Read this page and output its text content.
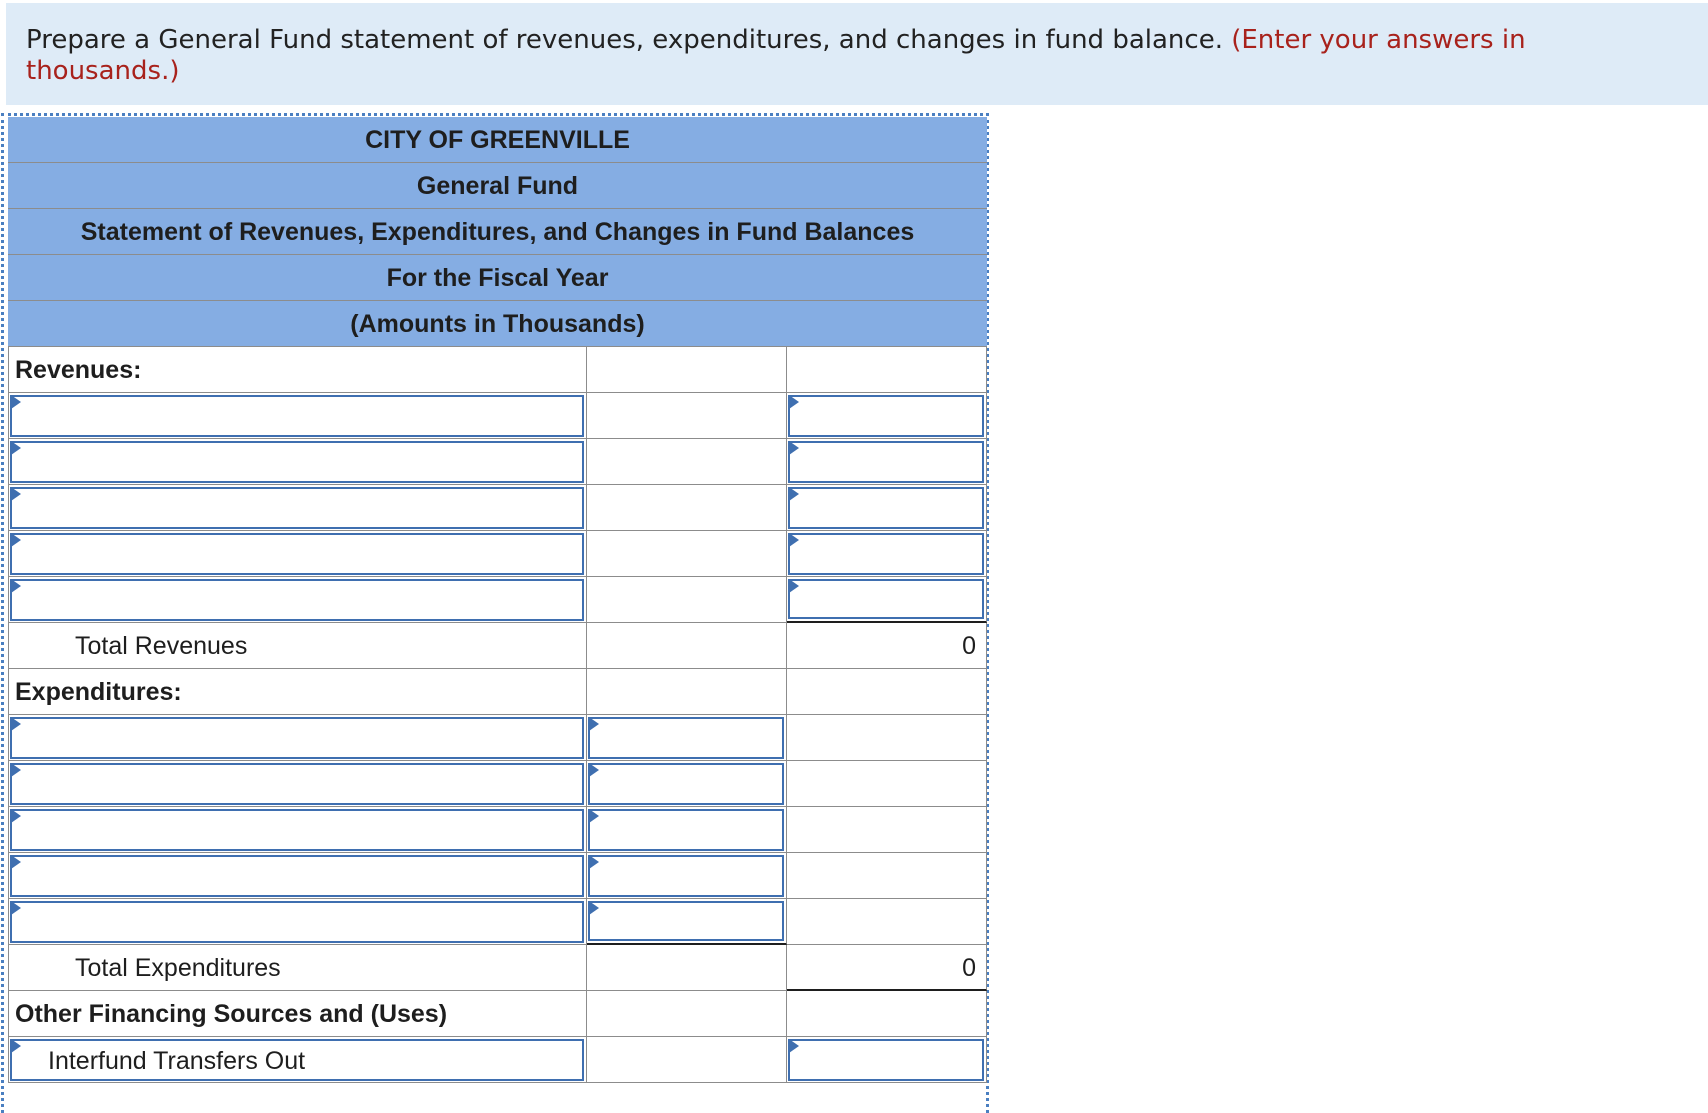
Prepare a General Fund statement of revenues, expenditures, and changes in fund balance. (Enter your answers in thousands.)

CITY OF GREENVILLE
General Fund
Statement of Revenues, Expenditures, and Changes in Fund Balances
For the Fiscal Year
(Amounts in Thousands)
Revenues:
Total Revenues	0
Expenditures:
Total Expenditures	0
Other Financing Sources and (Uses)
Interfund Transfers Out
